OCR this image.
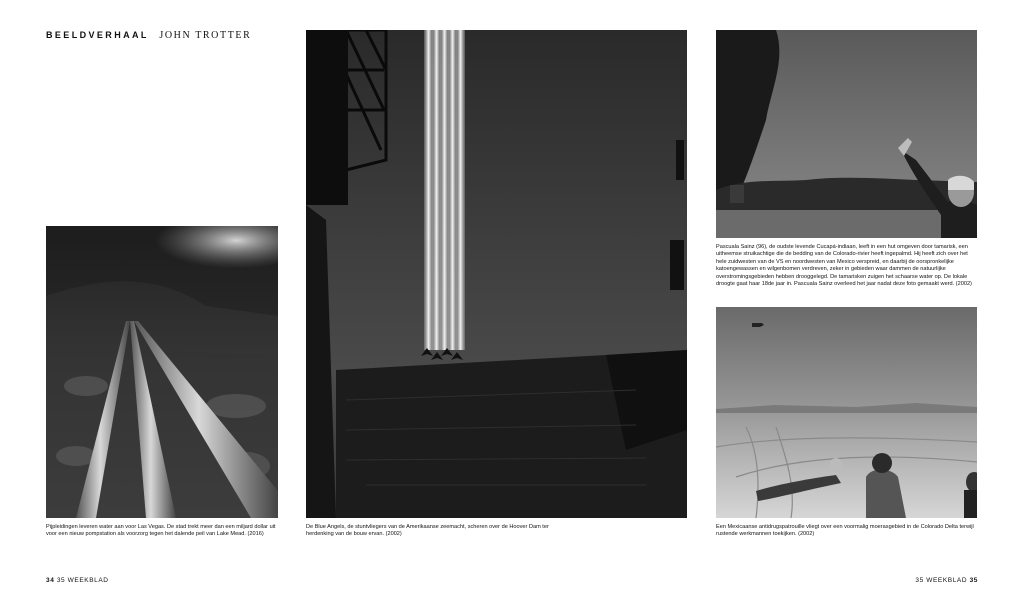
BEELDVERHAAL JOHN TROTTER
Pijpleidingen leveren water aan voor Las Vegas. De stad trekt meer dan een miljard dollar uit voor een nieuw pompstation als voorzorg tegen het dalende peil van Lake Mead. (2016)
De Blue Angels, de stuntvliegers van de Amerikaanse zeemacht, scheren over de Hoover Dam ter herdenking van de bouw ervan. (2002)
Pascuala Sainz (96), de oudste levende Cucapá-indiaan, leeft in een hut omgeven door tamarisk, een uitheemse struikachtige die de bedding van de Colorado-rivier heeft ingepalmd. Hij heeft zich over het hele zuidwesten van de VS en noordwesten van Mexico verspreid, en daarbij de oorspronkelijke katoengewassen en wilgenbomen verdreven, zeker in gebieden waar dammen de natuurlijke overstromingsgebieden hebben drooggelegd. De tamarisken zuigen het schaarse water op. De lokale droogte gaat haar 18de jaar in. Pascuala Sainz overleed het jaar nadat deze foto gemaakt werd. (2002)
Een Mexicaanse antidrugspatrouille vliegt over een voormalig moerasgebied in de Colorado Delta terwijl rustende werkmannen toekijken. (2002)
34 35 WEEKBLAD	35 WEEKBLAD 35
